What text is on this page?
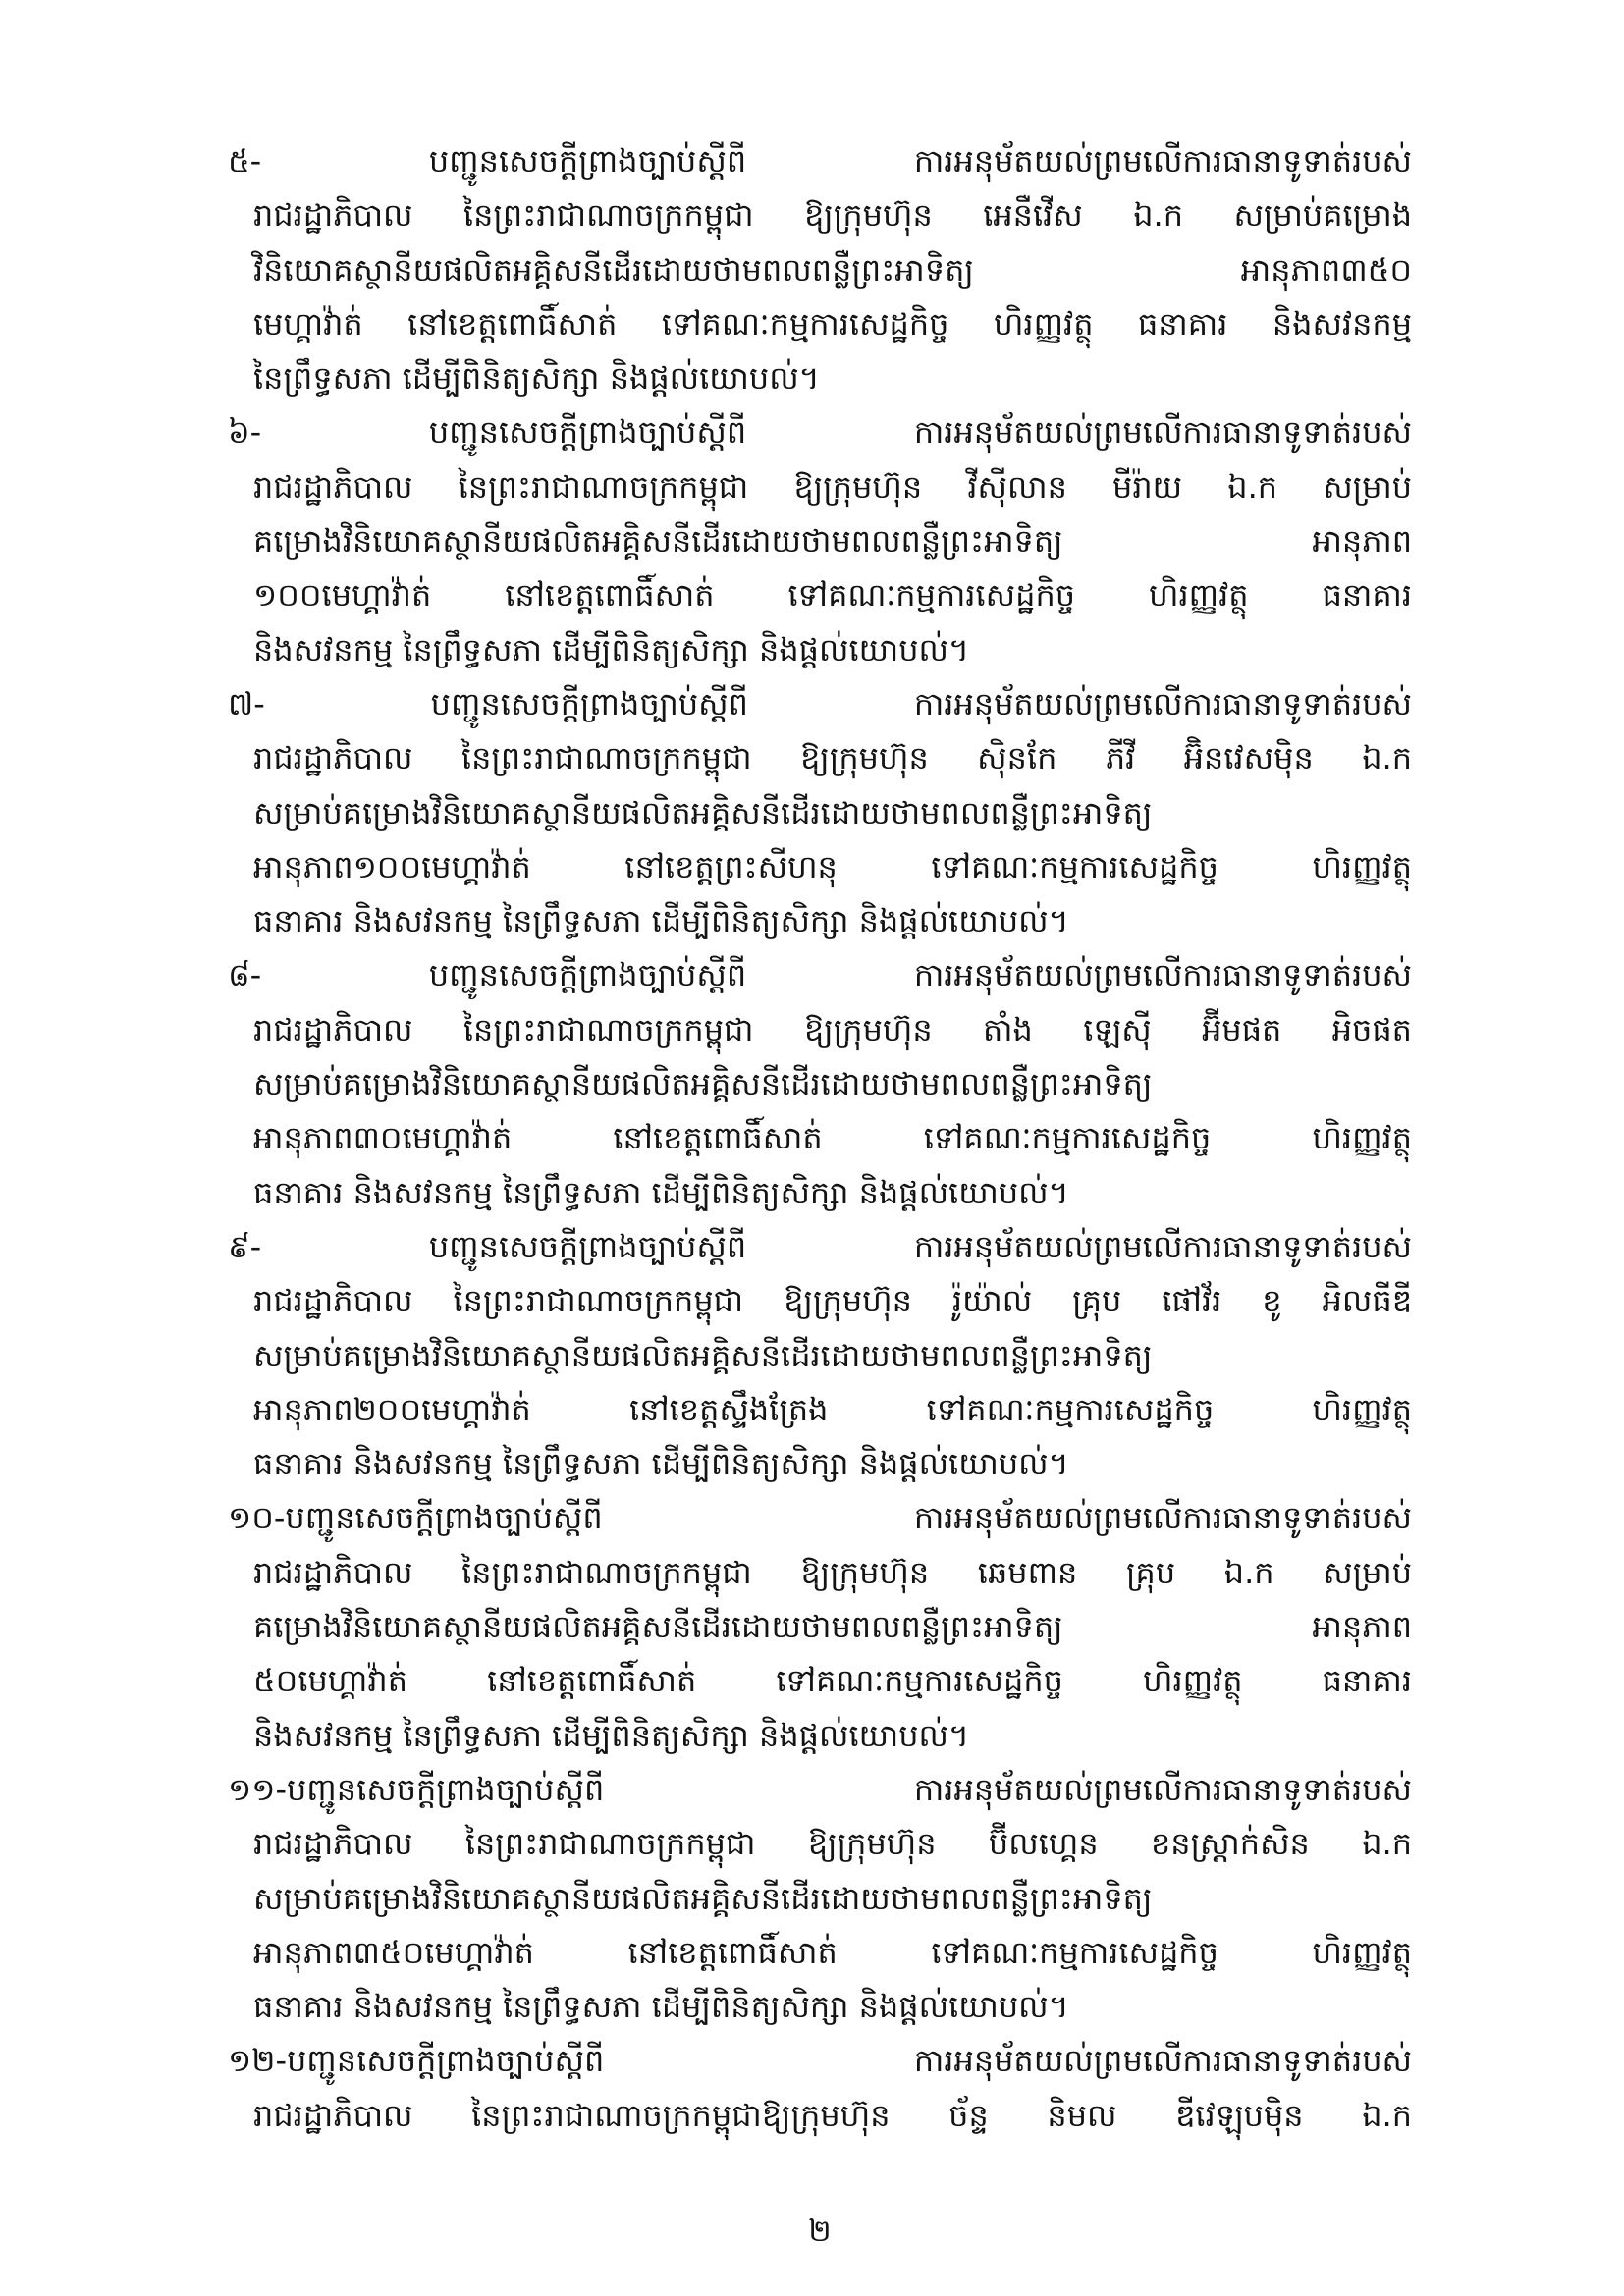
៥- បញ្ជូនសេចក្តីព្រាងច្បាប់ស្តីពី ការអនុម័តយល់ព្រមលើការធានាទូទាត់របស់
រាជរដ្ឋាភិបាល នៃព្រះរាជាណាចក្រកម្ពុជា ឱ្យក្រុមហ៊ុន អេនឺវើស ឯ.ក សម្រាប់គម្រោង
វិនិយោគស្ថានីយផលិតអគ្គិសនីដើរដោយថាមពលពន្លឺព្រះអាទិត្យ អានុភាព៣៥០
មេហ្គាវ៉ាត់ នៅខេត្តពោធិ៍សាត់ ទៅគណៈកម្មការសេដ្ឋកិច្ច ហិរញ្ញវត្ថុ ធនាគារ និងសវនកម្ម
នៃព្រឹទ្ធសភា ដើម្បីពិនិត្យសិក្សា និងផ្តល់យោបល់។
៦- បញ្ជូនសេចក្តីព្រាងច្បាប់ស្តីពី ការអនុម័តយល់ព្រមលើការធានាទូទាត់របស់
រាជរដ្ឋាភិបាល នៃព្រះរាជាណាចក្រកម្ពុជា ឱ្យក្រុមហ៊ុន វីស៊ីលាន មីរ៉ាយ ឯ.ក សម្រាប់
គម្រោងវិនិយោគស្ថានីយផលិតអគ្គិសនីដើរដោយថាមពលពន្លឺព្រះអាទិត្យ អានុភាព
១០០មេហ្គាវ៉ាត់ នៅខេត្តពោធិ៍សាត់ ទៅគណៈកម្មការសេដ្ឋកិច្ច ហិរញ្ញវត្ថុ ធនាគារ
និងសវនកម្ម នៃព្រឹទ្ធសភា ដើម្បីពិនិត្យសិក្សា និងផ្តល់យោបល់។
៧- បញ្ជូនសេចក្តីព្រាងច្បាប់ស្តីពី ការអនុម័តយល់ព្រមលើការធានាទូទាត់របស់
រាជរដ្ឋាភិបាល នៃព្រះរាជាណាចក្រកម្ពុជា ឱ្យក្រុមហ៊ុន ស៊ិនកែ ភីវី អ៊ិនវេសមុិន ឯ.ក
សម្រាប់គម្រោងវិនិយោគស្ថានីយផលិតអគ្គិសនីដើរដោយថាមពលពន្លឺព្រះអាទិត្យ
អានុភាព១០០មេហ្គាវ៉ាត់ នៅខេត្តព្រះសីហនុ ទៅគណៈកម្មការសេដ្ឋកិច្ច ហិរញ្ញវត្ថុ
ធនាគារ និងសវនកម្ម នៃព្រឹទ្ធសភា ដើម្បីពិនិត្យសិក្សា និងផ្តល់យោបល់។
៨- បញ្ជូនសេចក្តីព្រាងច្បាប់ស្តីពី ការអនុម័តយល់ព្រមលើការធានាទូទាត់របស់
រាជរដ្ឋាភិបាល នៃព្រះរាជាណាចក្រកម្ពុជា ឱ្យក្រុមហ៊ុន តាំង ឡេស៊ី អ៊ីមផត អិចផត
សម្រាប់គម្រោងវិនិយោគស្ថានីយផលិតអគ្គិសនីដើរដោយថាមពលពន្លឺព្រះអាទិត្យ
អានុភាព៣០មេហ្គាវ៉ាត់ នៅខេត្តពោធិ៍សាត់ ទៅគណៈកម្មការសេដ្ឋកិច្ច ហិរញ្ញវត្ថុ
ធនាគារ និងសវនកម្ម នៃព្រឹទ្ធសភា ដើម្បីពិនិត្យសិក្សា និងផ្តល់យោបល់។
៩- បញ្ជូនសេចក្តីព្រាងច្បាប់ស្តីពី ការអនុម័តយល់ព្រមលើការធានាទូទាត់របស់
រាជរដ្ឋាភិបាល នៃព្រះរាជាណាចក្រកម្ពុជា ឱ្យក្រុមហ៊ុន រ៉ូយ៉ាល់ គ្រុប ផៅវ័រ ខូ អិលធីឌី
សម្រាប់គម្រោងវិនិយោគស្ថានីយផលិតអគ្គិសនីដើរដោយថាមពលពន្លឺព្រះអាទិត្យ
អានុភាព២០០មេហ្គាវ៉ាត់ នៅខេត្តស្ទឹងត្រែង ទៅគណៈកម្មការសេដ្ឋកិច្ច ហិរញ្ញវត្ថុ
ធនាគារ និងសវនកម្ម នៃព្រឹទ្ធសភា ដើម្បីពិនិត្យសិក្សា និងផ្តល់យោបល់។
១០-បញ្ជូនសេចក្តីព្រាងច្បាប់ស្តីពី ការអនុម័តយល់ព្រមលើការធានាទូទាត់របស់
រាជរដ្ឋាភិបាល នៃព្រះរាជាណាចក្រកម្ពុជា ឱ្យក្រុមហ៊ុន ឆេមពាន គ្រុប ឯ.ក សម្រាប់
គម្រោងវិនិយោគស្ថានីយផលិតអគ្គិសនីដើរដោយថាមពលពន្លឺព្រះអាទិត្យ អានុភាព
៥០មេហ្គាវ៉ាត់ នៅខេត្តពោធិ៍សាត់ ទៅគណៈកម្មការសេដ្ឋកិច្ច ហិរញ្ញវត្ថុ ធនាគារ
និងសវនកម្ម នៃព្រឹទ្ធសភា ដើម្បីពិនិត្យសិក្សា និងផ្តល់យោបល់។
១១-បញ្ជូនសេចក្តីព្រាងច្បាប់ស្តីពី ការអនុម័តយល់ព្រមលើការធានាទូទាត់របស់
រាជរដ្ឋាភិបាល នៃព្រះរាជាណាចក្រកម្ពុជា ឱ្យក្រុមហ៊ុន ប៊ីលហ្គេន ខនស្ត្រាក់សិន ឯ.ក
សម្រាប់គម្រោងវិនិយោគស្ថានីយផលិតអគ្គិសនីដើរដោយថាមពលពន្លឺព្រះអាទិត្យ
អានុភាព៣៥០មេហ្គាវ៉ាត់ នៅខេត្តពោធិ៍សាត់ ទៅគណៈកម្មការសេដ្ឋកិច្ច ហិរញ្ញវត្ថុ
ធនាគារ និងសវនកម្ម នៃព្រឹទ្ធសភា ដើម្បីពិនិត្យសិក្សា និងផ្តល់យោបល់។
១២-បញ្ជូនសេចក្តីព្រាងច្បាប់ស្តីពី ការអនុម័តយល់ព្រមលើការធានាទូទាត់របស់
រាជរដ្ឋាភិបាល នៃព្រះរាជាណាចក្រកម្ពុជាឱ្យក្រុមហ៊ុន ច័ន្ទ និមល ឌីវេឡុបមុិន ឯ.ក
២
